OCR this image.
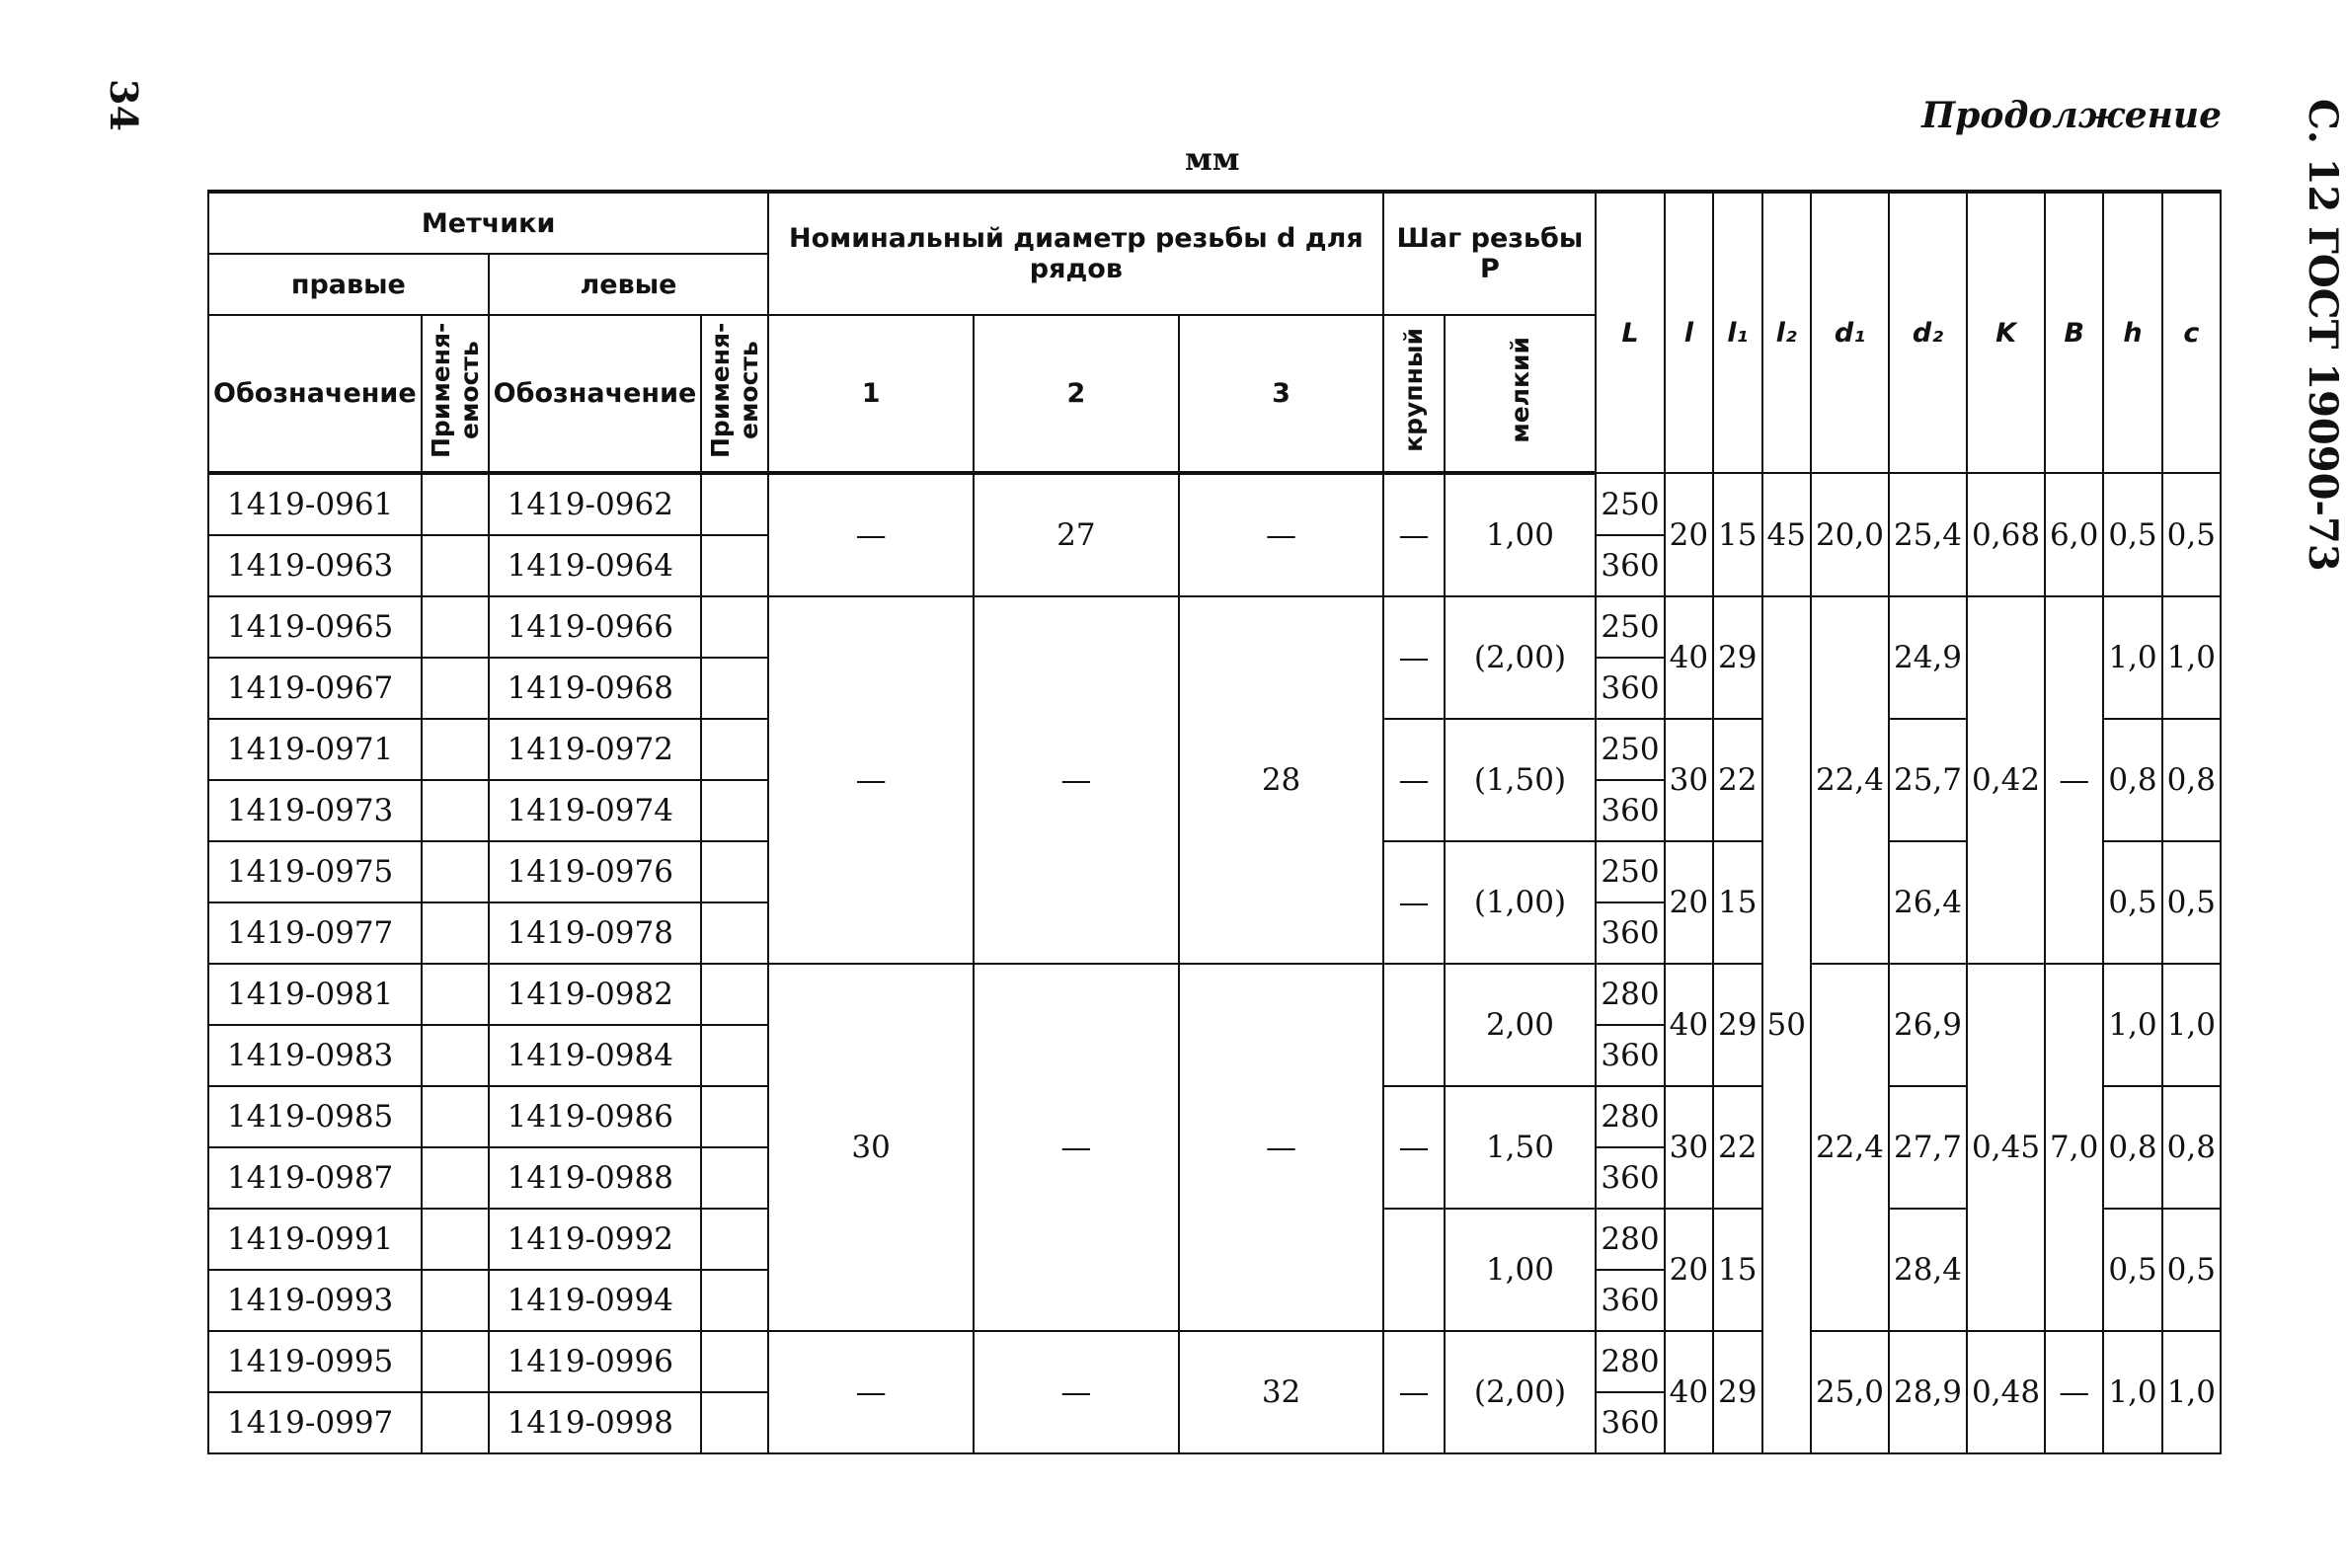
34	Продолжение
мм	С. 12 ГОСТ 19090-73
Метчики				Номинальный диаметр резьбы d для рядов			Шаг резьбы P		L	l	l₁	l₂	d₁	d₂	K	B	h	c
правые		левые																
Обозначение	Применя-емость	Обозначение	Применя-емость	1	2	3	крупный	мелкий										
1419-0961		1419-0962		—	27	—	—	1,00	250	20	15	45	20,0	25,4	0,68	6,0	0,5	0,5
1419-0963		1419-0964							360									
1419-0965		1419-0966		—	—	28	—	(2,00)	250	40	29	50	22,4	24,9	0,42	—	1,0	1,0
1419-0967		1419-0968							360									
1419-0971		1419-0972					—	(1,50)	250	30	22			25,7			0,8	0,8
1419-0973		1419-0974							360									
1419-0975		1419-0976					—	(1,00)	250	20	15			26,4			0,5	0,5
1419-0977		1419-0978							360									
1419-0981		1419-0982		30	—	—		2,00	280	40	29		22,4	26,9	0,45	7,0	1,0	1,0
1419-0983		1419-0984							360									
1419-0985		1419-0986					—	1,50	280	30	22			27,7			0,8	0,8
1419-0987		1419-0988							360									
1419-0991		1419-0992						1,00	280	20	15			28,4			0,5	0,5
1419-0993		1419-0994							360									
1419-0995		1419-0996		—	—	32	—	(2,00)	280	40	29		25,0	28,9	0,48	—	1,0	1,0
1419-0997		1419-0998							360									
